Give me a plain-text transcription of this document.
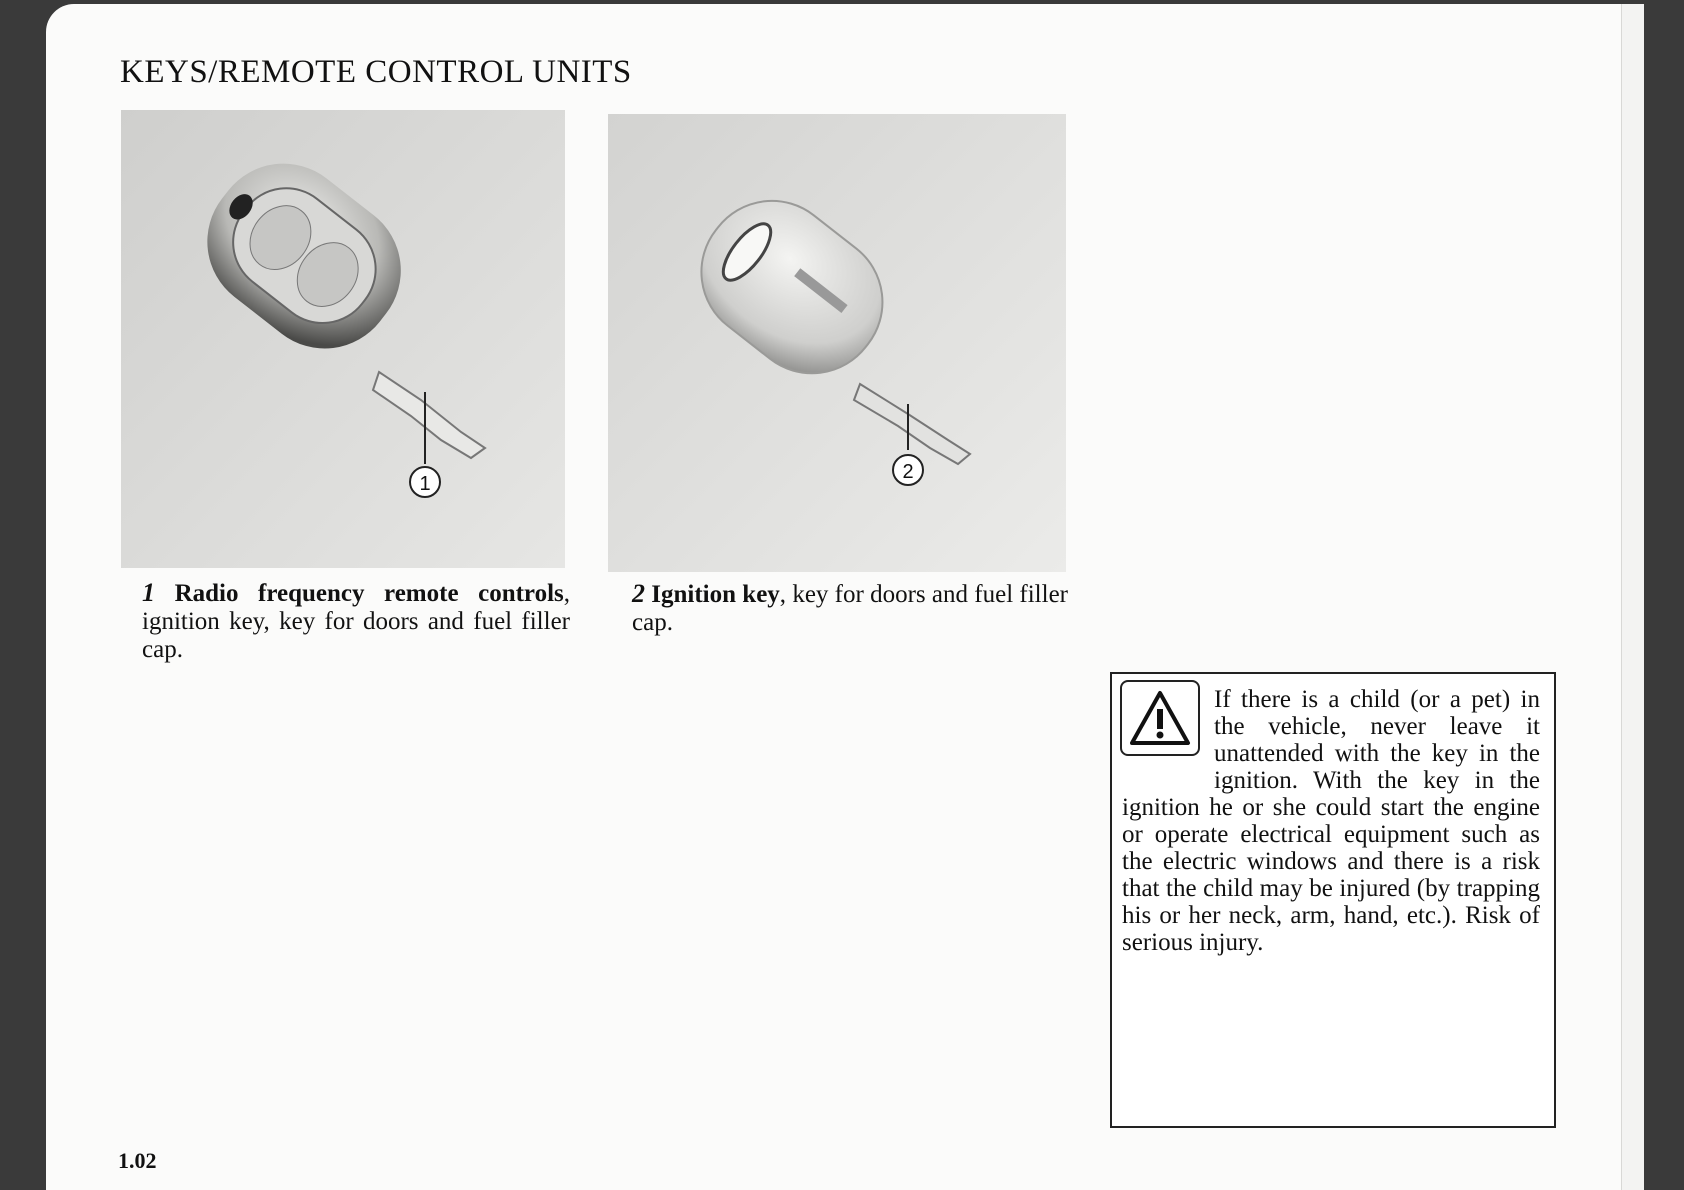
KEYS/REMOTE CONTROL UNITS
1
2
1 Radio frequency remote controls, ignition key, key for doors and fuel filler cap.
2 Ignition key, key for doors and fuel filler cap.

If there is a child (or a pet) in the vehicle, never leave it unattended with the key in the ignition. With the key in the ignition he or she could start the engine or operate electrical equipment such as the electric windows and there is a risk that the child may be injured (by trapping his or her neck, arm, hand, etc.). Risk of serious injury.

1.02
